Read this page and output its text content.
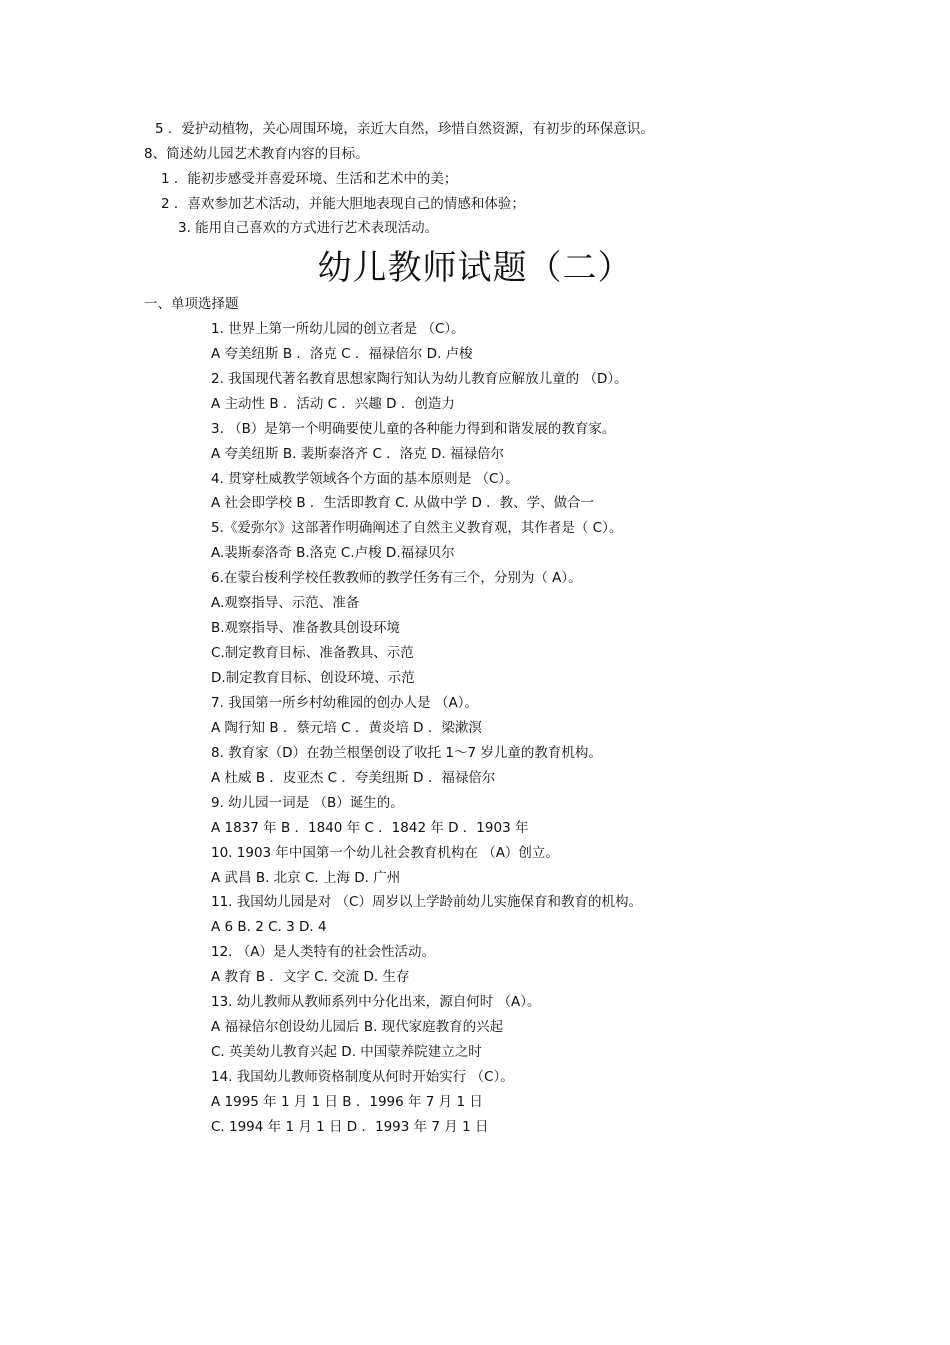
5 ．爱护动植物，关心周围环境，亲近大自然，珍惜自然资源，有初步的环保意识。
8、简述幼儿园艺术教育内容的目标。
1 ．能初步感受并喜爱环境、生活和艺术中的美；
2 ．喜欢参加艺术活动，并能大胆地表现自己的情感和体验；
3. 能用自己喜欢的方式进行艺术表现活动。
幼儿教师试题（二）
一、单项选择题
1. 世界上第一所幼儿园的创立者是 （C）。
A 夸美纽斯 B ．洛克 C ．福禄倍尔 D. 卢梭
2. 我国现代著名教育思想家陶行知认为幼儿教育应解放儿童的 （D）。
A 主动性 B ．活动 C ．兴趣 D ．创造力
3. （B）是第一个明确要使儿童的各种能力得到和谐发展的教育家。
A 夸美纽斯 B. 裴斯泰洛齐 C ．洛克 D. 福禄倍尔
4. 贯穿杜威教学领域各个方面的基本原则是 （C）。
A 社会即学校 B ．生活即教育 C. 从做中学 D ．教、学、做合一
5.《爱弥尔》这部著作明确阐述了自然主义教育观，其作者是（ C）。
A.裴斯泰洛奇 B.洛克 C.卢梭 D.福禄贝尔
6.在蒙台梭利学校任教教师的教学任务有三个，分别为（ A）。
A.观察指导、示范、准备
B.观察指导、准备教具创设环境
C.制定教育目标、准备教具、示范
D.制定教育目标、创设环境、示范
7. 我国第一所乡村幼稚园的创办人是 （A）。
A 陶行知 B ．蔡元培 C ．黄炎培 D ．梁漱溟
8. 教育家（D）在勃兰根堡创设了收托 1～7 岁儿童的教育机构。
A 杜威 B ．皮亚杰 C ．夸美纽斯 D ．福禄倍尔
9. 幼儿园一词是 （B）诞生的。
A 1837 年 B ．1840 年 C ．1842 年 D ．1903 年
10. 1903 年中国第一个幼儿社会教育机构在 （A）创立。
A 武昌 B. 北京 C. 上海 D. 广州
11. 我国幼儿园是对 （C）周岁以上学龄前幼儿实施保育和教育的机构。
A 6 B. 2 C. 3 D. 4
12. （A）是人类特有的社会性活动。
A 教育 B ．文字 C. 交流 D. 生存
13. 幼儿教师从教师系列中分化出来，源自何时 （A）。
A 福禄倍尔创设幼儿园后 B. 现代家庭教育的兴起
C. 英美幼儿教育兴起 D. 中国蒙养院建立之时
14. 我国幼儿教师资格制度从何时开始实行 （C）。
A 1995 年 1 月 1 日 B ．1996 年 7 月 1 日
C. 1994 年 1 月 1 日 D ．1993 年 7 月 1 日
